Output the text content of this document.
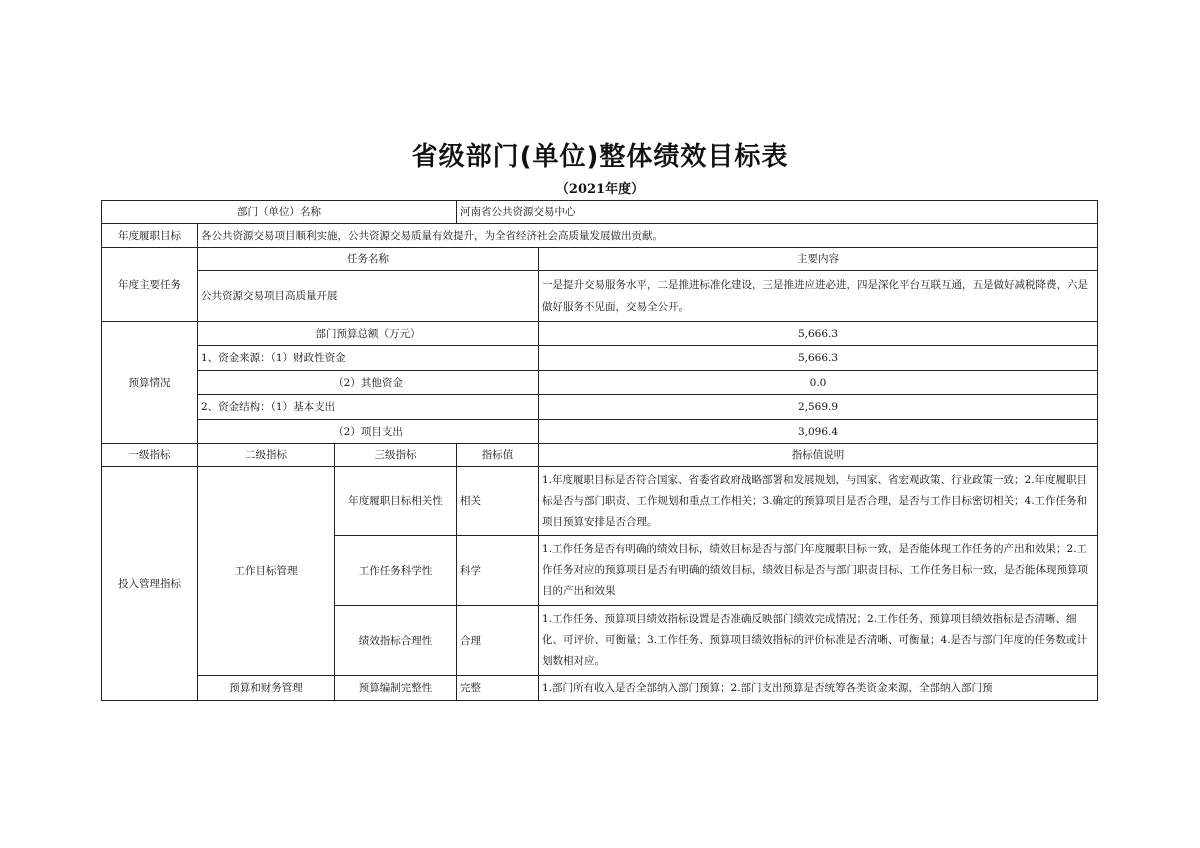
省级部门(单位)整体绩效目标表
（2021年度）
部门（单位）名称			河南省公共资源交易中心	
年度履职目标	各公共资源交易项目顺利实施，公共资源交易质量有效提升，为全省经济社会高质量发展做出贡献。			
年度主要任务	任务名称			主要内容
	公共资源交易项目高质量开展			一是提升交易服务水平，二是推进标准化建设，三是推进应进必进，四是深化平台互联互通，五是做好减税降费，六是做好服务不见面，交易全公开。
预算情况	部门预算总额（万元）			5,666.3
	1、资金来源：（1）财政性资金			5,666.3
	（2）其他资金			0.0
	2、资金结构：（1）基本支出			2,569.9
	（2）项目支出			3,096.4
一级指标	二级指标	三级指标	指标值	指标值说明
投入管理指标	工作目标管理	年度履职目标相关性	相关	1.年度履职目标是否符合国家、省委省政府战略部署和发展规划，与国家、省宏观政策、行业政策一致；2.年度履职目标是否与部门职责、工作规划和重点工作相关；3.确定的预算项目是否合理，是否与工作目标密切相关；4.工作任务和项目预算安排是否合理。
		工作任务科学性	科学	1.工作任务是否有明确的绩效目标，绩效目标是否与部门年度履职目标一致，是否能体现工作任务的产出和效果；2.工作任务对应的预算项目是否有明确的绩效目标，绩效目标是否与部门职责目标、工作任务目标一致，是否能体现预算项目的产出和效果
		绩效指标合理性	合理	1.工作任务、预算项目绩效指标设置是否准确反映部门绩效完成情况；2.工作任务、预算项目绩效指标是否清晰、细化、可评价、可衡量；3.工作任务、预算项目绩效指标的评价标准是否清晰、可衡量；4.是否与部门年度的任务数或计划数相对应。
	预算和财务管理	预算编制完整性	完整	1.部门所有收入是否全部纳入部门预算；2.部门支出预算是否统筹各类资金来源，全部纳入部门预
